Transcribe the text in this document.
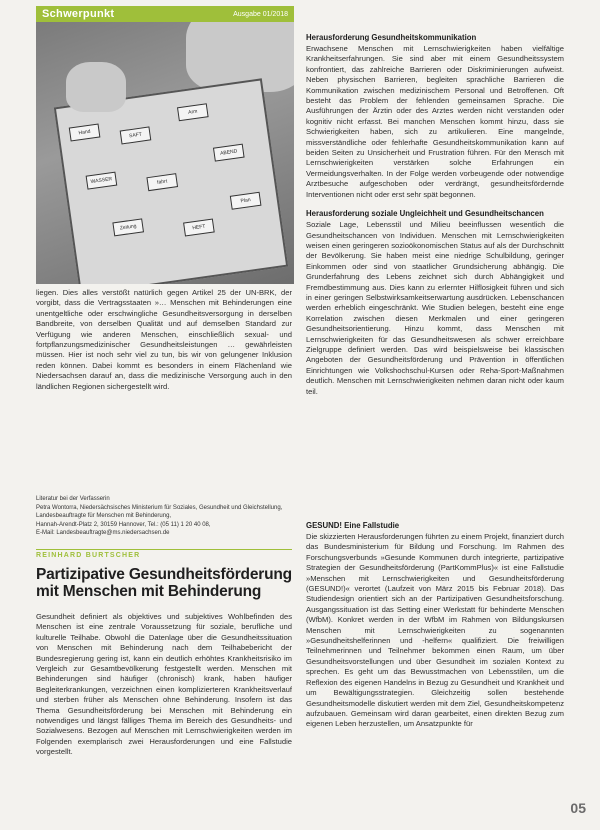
Schwerpunkt	Ausgabe 01/2018
Hand	SAFT
Arm
WASSER	fahrt
ABEND
Zeitung	HEFT
Plan

liegen. Dies alles verstößt natürlich gegen Artikel 25 der UN-BRK, der vorgibt, dass die Vertragsstaaten »… Menschen mit Behinderungen eine unentgeltliche oder erschwingliche Gesundheitsversorgung in derselben Bandbreite, von derselben Qualität und auf demselben Standard zur Verfügung wie anderen Menschen, einschließlich sexual- und fortpflanzungsmedizinischer Gesundheitsleistungen … gewährleisten müssen. Hier ist noch sehr viel zu tun, bis wir von gelungener Inklusion reden können. Dabei kommt es besonders in einem Flächenland wie Niedersachsen darauf an, dass die medizinische Versorgung auch in den ländlichen Regionen sichergestellt wird.

Literatur bei der Verfasserin
Petra Wontorra, Niedersächsisches Ministerium für Soziales, Gesundheit und Gleichstellung, Landesbeauftragte für Menschen mit Behinderung,
Hannah-Arendt-Platz 2, 30159 Hannover, Tel.: (05 11) 1 20 40 08,
E-Mail: Landesbeauftragte@ms.niedersachsen.de
REINHARD BURTSCHER
Partizipative Gesundheitsförderung mit Menschen mit Behinderung

Gesundheit definiert als objektives und subjektives Wohlbefinden des Menschen ist eine zentrale Voraussetzung für soziale, berufliche und kulturelle Teilhabe. Obwohl die Datenlage über die Gesundheitssituation von Menschen mit Behinderung nach dem Teilhabebericht der Bundesregierung gering ist, kann ein deutlich erhöhtes Krankheitsrisiko im Vergleich zur Gesamtbevölkerung festgestellt werden. Menschen mit Behinderungen sind häufiger (chronisch) krank, haben häufiger Begleiterkrankungen, verzeichnen einen komplizierteren Krankheitsverlauf und sterben früher als Menschen ohne Behinderung. Insofern ist das Thema Gesundheitsförderung bei Menschen mit Behinderung ein notwendiges und längst fälliges Thema im Bereich des Gesundheits- und Sozialwesens. Bezogen auf Menschen mit Lernschwierigkeiten werden im Folgenden exemplarisch zwei Herausforderungen und eine Fallstudie vorgestellt.

Herausforderung Gesundheitskommunikation

Erwachsene Menschen mit Lernschwierigkeiten haben vielfältige Krankheitserfahrungen. Sie sind aber mit einem Gesundheitssystem konfrontiert, das zahlreiche Barrieren oder Diskriminierungen aufweist. Neben physischen Barrieren, begleiten sprachliche Barrieren die Kommunikation zwischen medizinischem Personal und Betroffenen. Oft besteht das Problem der fehlenden gemeinsamen Sprache. Die Ausführungen der Ärztin oder des Arztes werden nicht verstanden oder kognitiv nicht erfasst. Bei manchen Menschen kommt hinzu, dass sie Schwierigkeiten haben, sich zu artikulieren. Eine mangelnde, missverständliche oder fehlerhafte Gesundheitskommunikation kann auf beiden Seiten zu Unsicherheit und Frustration führen. Für den Mensch mit Lernschwierigkeiten verstärken solche Erfahrungen ein Vermeidungsverhalten. In der Folge werden vorbeugende oder notwendige Arztbesuche aufgeschoben oder verdrängt, gesundheitsfördernde Interventionen nicht oder erst sehr spät begonnen.

Herausforderung soziale Ungleichheit und Gesundheitschancen

Soziale Lage, Lebensstil und Milieu beeinflussen wesentlich die Gesundheitschancen von Individuen. Menschen mit Lernschwierigkeiten weisen einen geringeren sozioökonomischen Status auf als der Durchschnitt der Bevölkerung. Sie haben meist eine niedrige Schulbildung, geringer Einkommen oder sind von staatlicher Grundsicherung abhängig. Die Grunderfahrung des Lebens zeichnet sich durch Abhängigkeit und Fremdbestimmung aus. Dies kann zu erlernter Hilflosigkeit führen und sich in einer geringen Selbstwirksamkeitserwartung ausdrücken. Lebenschancen werden erheblich eingeschränkt. Wie Studien belegen, besteht eine enge Korrelation zwischen diesen Merkmalen und einer geringeren Gesundheitsorientierung. Hinzu kommt, dass Menschen mit Lernschwierigkeiten für das Gesundheitswesen als schwer erreichbare Zielgruppe definiert werden. Das wird beispielsweise bei klassischen Angeboten der Gesundheitsförderung und Prävention in öffentlichen Einrichtungen wie Volkshochschul-Kursen oder Reha-Sport-Maßnahmen deutlich. Menschen mit Lernschwierigkeiten nehmen daran nicht oder kaum teil.

GESUND! Eine Fallstudie

Die skizzierten Herausforderungen führten zu einem Projekt, finanziert durch das Bundesministerium für Bildung und Forschung. Im Rahmen des Forschungsverbunds »Gesunde Kommunen durch integrierte, partizipative Strategien der Gesundheitsförderung (PartKommPlus)« ist eine Fallstudie »Menschen mit Lernschwierigkeiten und Gesundheitsförderung (GESUND!)« verortet (Laufzeit von März 2015 bis Februar 2018). Das Studiendesign orientiert sich an der Partizipativen Gesundheitsforschung. Ausgangssituation ist das Setting einer Werkstatt für behinderte Menschen (WfbM). Konkret werden in der WfbM im Rahmen von Bildungskursen Menschen mit Lernschwierigkeiten zu sogenannten »Gesundheitshelferinnen und -helfern« qualifiziert. Die freiwilligen Teilnehmerinnen und Teilnehmer bekommen einen Raum, um über Gesundheitsvorstellungen und über Gesundheit im sozialen Kontext zu sprechen. Es geht um das Bewusstmachen von Lebensstilen, um die Reflexion des eigenen Handelns in Bezug zu Gesundheit und Krankheit und um Bewältigungsstrategien. Gleichzeitig sollen bestehende Gesundheitsmodelle diskutiert werden mit dem Ziel, Gesundheitskompetenz aufzubauen. Gemeinsam wird daran gearbeitet, einen direkten Bezug zum eigenen Leben herzustellen, um Ansatzpunkte für

05
